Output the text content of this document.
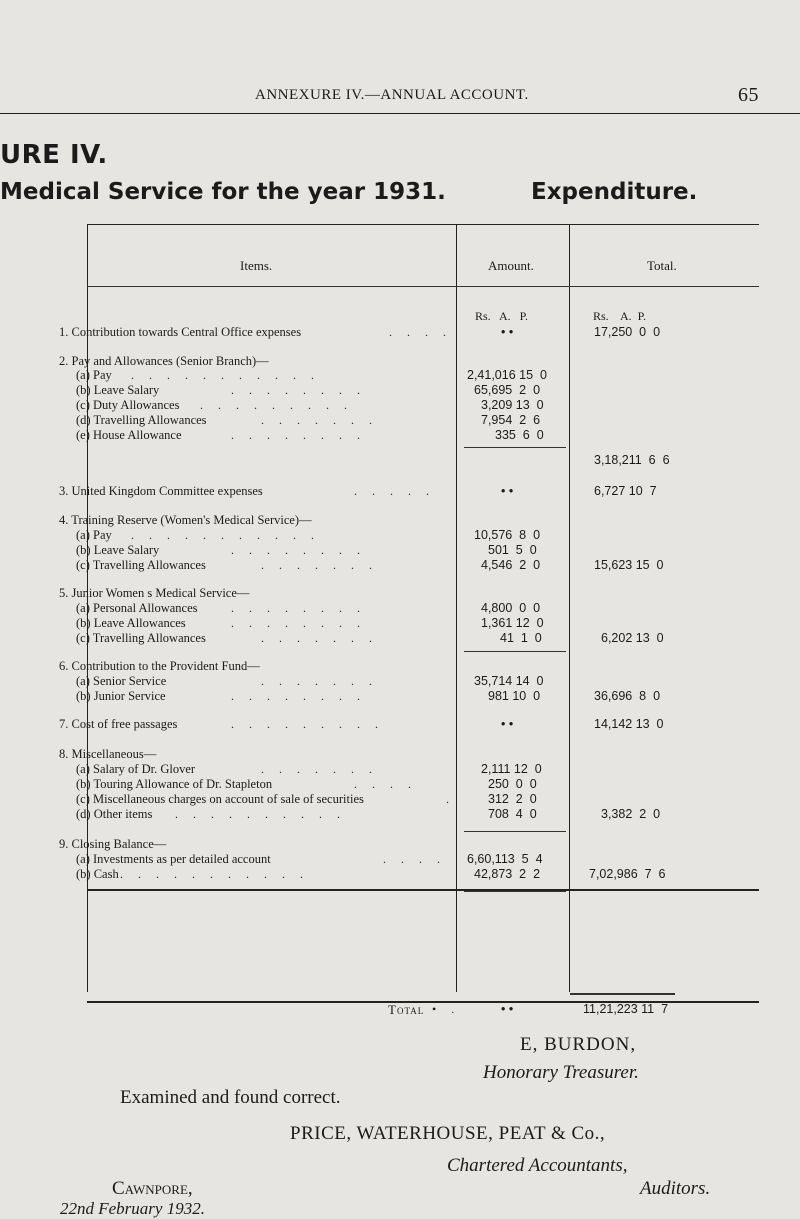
ANNEXURE IV.—ANNUAL ACCOUNT.	65
URE IV.
Medical Service for the year 1931.	Expenditure.
Items.	Amount.	Total.
Rs.   A.   P.	Rs.    A.  P.
1. Contribution towards Central Office expenses	. . . .	• •	17,250  0  0
2. Pay and Allowances (Senior Branch)—
(a) Pay . . . . . . . . . . .	2,41,016 15  0
(b) Leave Salary	. . . . . . . .	65,695  2  0
(c) Duty Allowances . . . . . . . . .	3,209 13  0
(d) Travelling Allowances	. . . . . . .	7,954  2  6
(e) House Allowance	. . . . . . . .	335  6  0
3,18,211  6  6
3. United Kingdom Committee expenses	. . . . .	• •	6,727 10  7
4. Training Reserve (Women's Medical Service)—
(a) Pay . . . . . . . . . . .	10,576  8  0
(b) Leave Salary	. . . . . . . .	501  5  0
(c) Travelling Allowances	. . . . . . .	4,546  2  0	15,623 15  0
5. Junior Women s Medical Service—
(a) Personal Allowances	. . . . . . . .	4,800  0  0
(b) Leave Allowances	. . . . . . . .	1,361 12  0
(c) Travelling Allowances	. . . . . . .	41  1  0	6,202 13  0
6. Contribution to the Provident Fund—
(a) Senior Service	. . . . . . .	35,714 14  0
(b) Junior Service	. . . . . . . .	981 10  0	36,696  8  0
7. Cost of free passages	. . . . . . . . .	• •	14,142 13  0
8. Miscellaneous—
(a) Salary of Dr. Glover	. . . . . . .	2,111 12  0
(b) Touring Allowance of Dr. Stapleton	. . . .	250  0  0
(c) Miscellaneous charges on account of sale of securities	.	312  2  0
(d) Other items . . . . . . . . . .	708  4  0	3,382  2  0
9. Closing Balance—
(a) Investments as per detailed account	. . . . 6,60,113  5  4
(b) Cash . . . . . . . . . . .	42,873  2  2	7,02,986  7  6
Total • .	• •	11,21,223 11  7
E, BURDON,
Honorary Treasurer.
Examined and found correct.
PRICE, WATERHOUSE, PEAT & Co.,
Chartered Accountants,
Cawnpore,	Auditors.
22nd February 1932.
